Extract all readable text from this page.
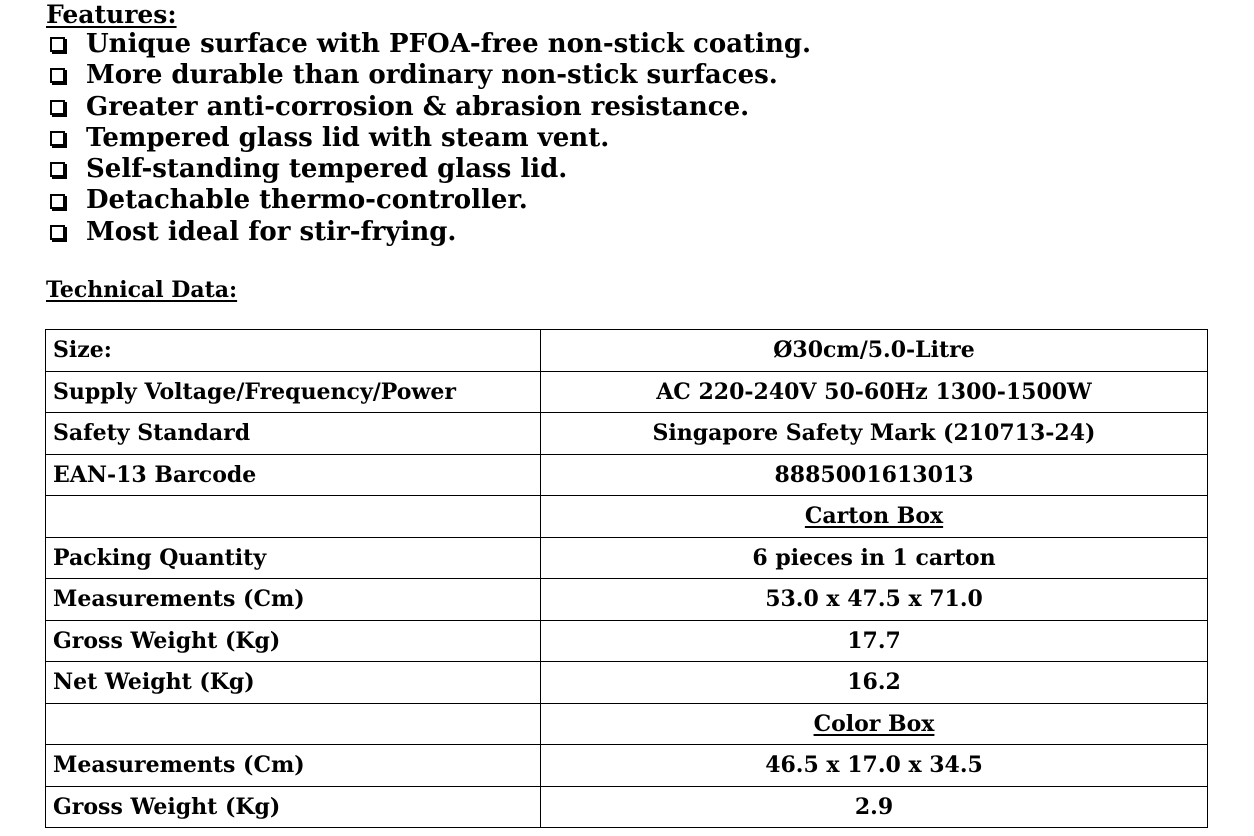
Features:
Unique surface with PFOA-free non-stick coating.
More durable than ordinary non-stick surfaces.
Greater anti-corrosion & abrasion resistance.
Tempered glass lid with steam vent.
Self-standing tempered glass lid.
Detachable thermo-controller.
Most ideal for stir-frying.
Technical Data:
Size:	Ø30cm/5.0-Litre
Supply Voltage/Frequency/Power	AC 220-240V 50-60Hz 1300-1500W
Safety Standard	Singapore Safety Mark (210713-24)
EAN-13 Barcode	8885001613013
	Carton Box
Packing Quantity	6 pieces in 1 carton
Measurements (Cm)	53.0 x 47.5 x 71.0
Gross Weight (Kg)	17.7
Net Weight (Kg)	16.2
	Color Box
Measurements (Cm)	46.5 x 17.0 x 34.5
Gross Weight (Kg)	2.9
